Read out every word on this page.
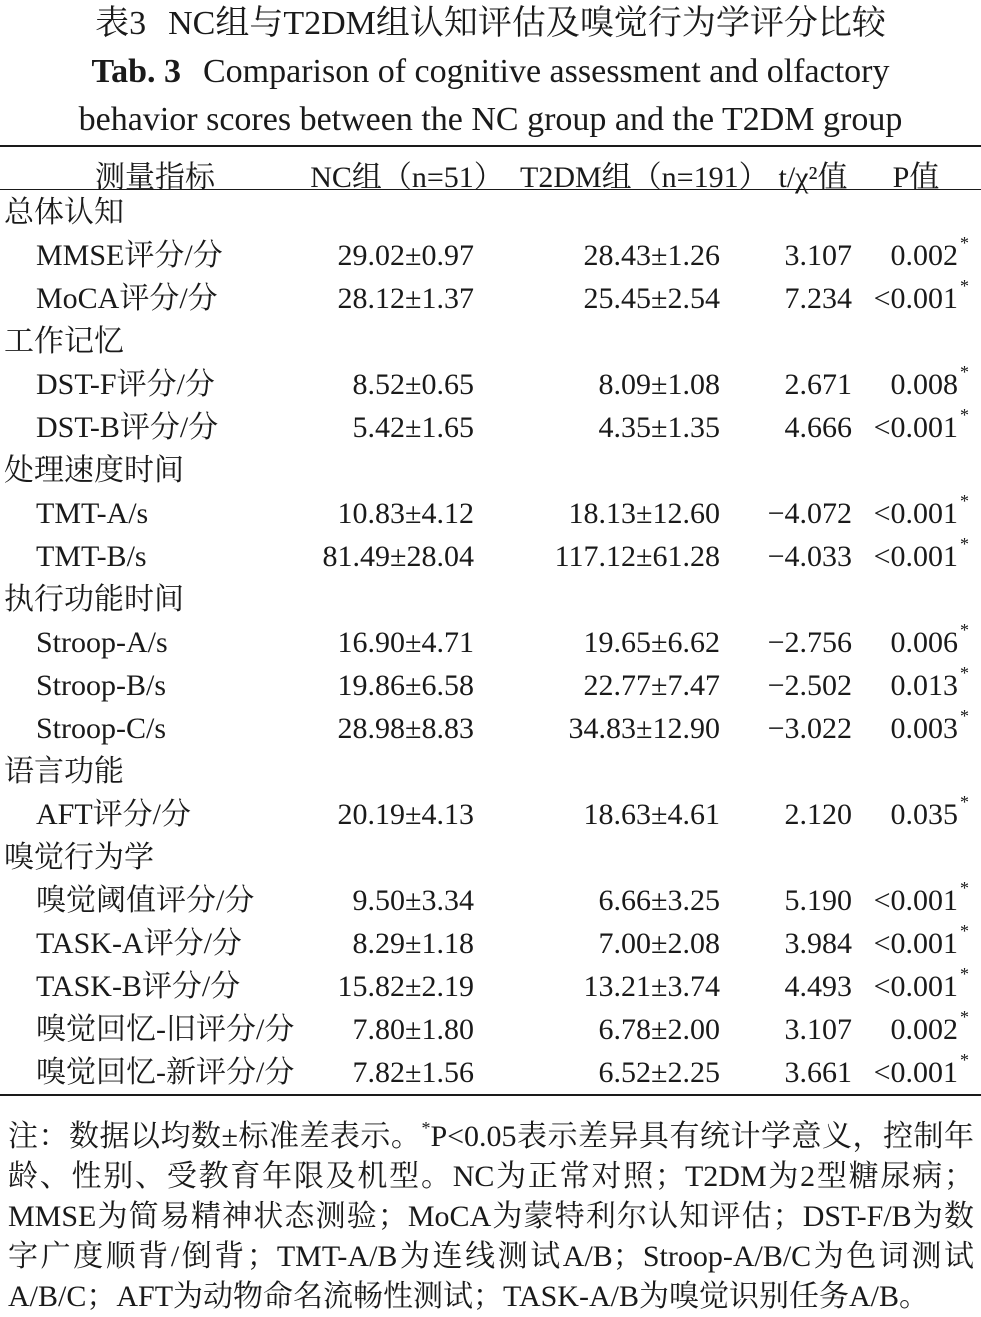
表3 NC组与T2DM组认知评估及嗅觉行为学评分比较
Tab. 3 Comparison of cognitive assessment and olfactory
behavior scores between the NC group and the T2DM group
测量指标	NC组（n=51） T2DM组（n=191） t/χ²值	P值
总体认知
MMSE评分/分	29.02±0.97	28.43±1.26	3.107	0.002 *
MoCA评分/分	28.12±1.37	25.45±2.54	7.234 <0.001 *
工作记忆
DST-F评分/分	8.52±0.65	8.09±1.08	2.671	0.008 *
DST-B评分/分	5.42±1.65	4.35±1.35	4.666 <0.001 *
处理速度时间
TMT-A/s	10.83±4.12	18.13±12.60	−4.072 <0.001 *
TMT-B/s	81.49±28.04	117.12±61.28	−4.033 <0.001 *
执行功能时间
Stroop-A/s	16.90±4.71	19.65±6.62	−2.756	0.006 *
Stroop-B/s	19.86±6.58	22.77±7.47	−2.502	0.013 *
Stroop-C/s	28.98±8.83	34.83±12.90	−3.022	0.003 *
语言功能
AFT评分/分	20.19±4.13	18.63±4.61	2.120	0.035 *
嗅觉行为学
嗅觉阈值评分/分	9.50±3.34	6.66±3.25	5.190 <0.001 *
TASK-A评分/分	8.29±1.18	7.00±2.08	3.984 <0.001 *
TASK-B评分/分	15.82±2.19	13.21±3.74	4.493 <0.001 *
嗅觉回忆-旧评分/分	7.80±1.80	6.78±2.00	3.107	0.002 *
嗅觉回忆-新评分/分	7.82±1.56	6.52±2.25	3.661 <0.001 *
注：数据以均数±标准差表示。*P<0.05表示差异具有统计学意义，控制年龄、性别、受教育年限及机型。NC为正常对照；T2DM为2型糖尿病；MMSE为简易精神状态测验；MoCA为蒙特利尔认知评估；DST-F/B为数字广度顺背/倒背；TMT-A/B为连线测试A/B；Stroop-A/B/C为色词测试A/B/C；AFT为动物命名流畅性测试；TASK-A/B为嗅觉识别任务A/B。
